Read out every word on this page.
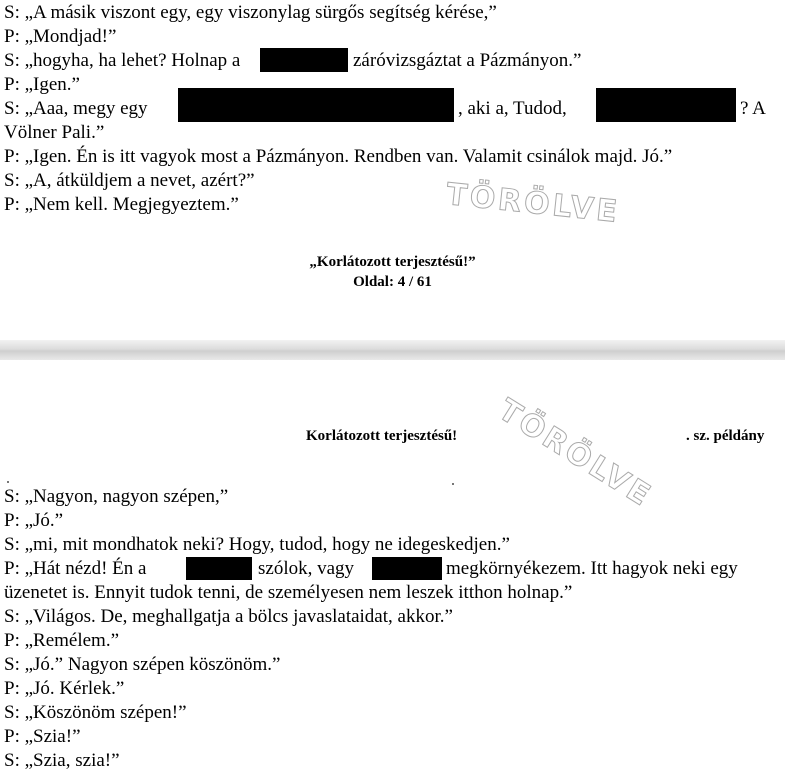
S: „A másik viszont egy, egy viszonylag sürgős segítség kérése,”
P: „Mondjad!”
S: „hogyha, ha lehet? Holnap a	záróvizsgáztat a Pázmányon.”
P: „Igen.”
S: „Aaa, megy egy	, aki a, Tudod,	? A
Völner Pali.”
P: „Igen. Én is itt vagyok most a Pázmányon. Rendben van. Valamit csinálok majd. Jó.”
S: „A, átküldjem a nevet, azért?”
P: „Nem kell. Megjegyeztem.”	TÖRÖLVE
„Korlátozott terjesztésű!”
Oldal: 4 / 61
Korlátozott terjesztésű!	. sz. példány
TÖRÖLVE
S: „Nagyon, nagyon szépen,”
P: „Jó.”
S: „mi, mit mondhatok neki? Hogy, tudod, hogy ne idegeskedjen.”
P: „Hát nézd! Én a	szólok, vagy	megkörnyékezem. Itt hagyok neki egy
üzenetet is. Ennyit tudok tenni, de személyesen nem leszek itthon holnap.”
S: „Világos. De, meghallgatja a bölcs javaslataidat, akkor.”
P: „Remélem.”
S: „Jó.” Nagyon szépen köszönöm.”
P: „Jó. Kérlek.”
S: „Köszönöm szépen!”
P: „Szia!”
S: „Szia, szia!”
